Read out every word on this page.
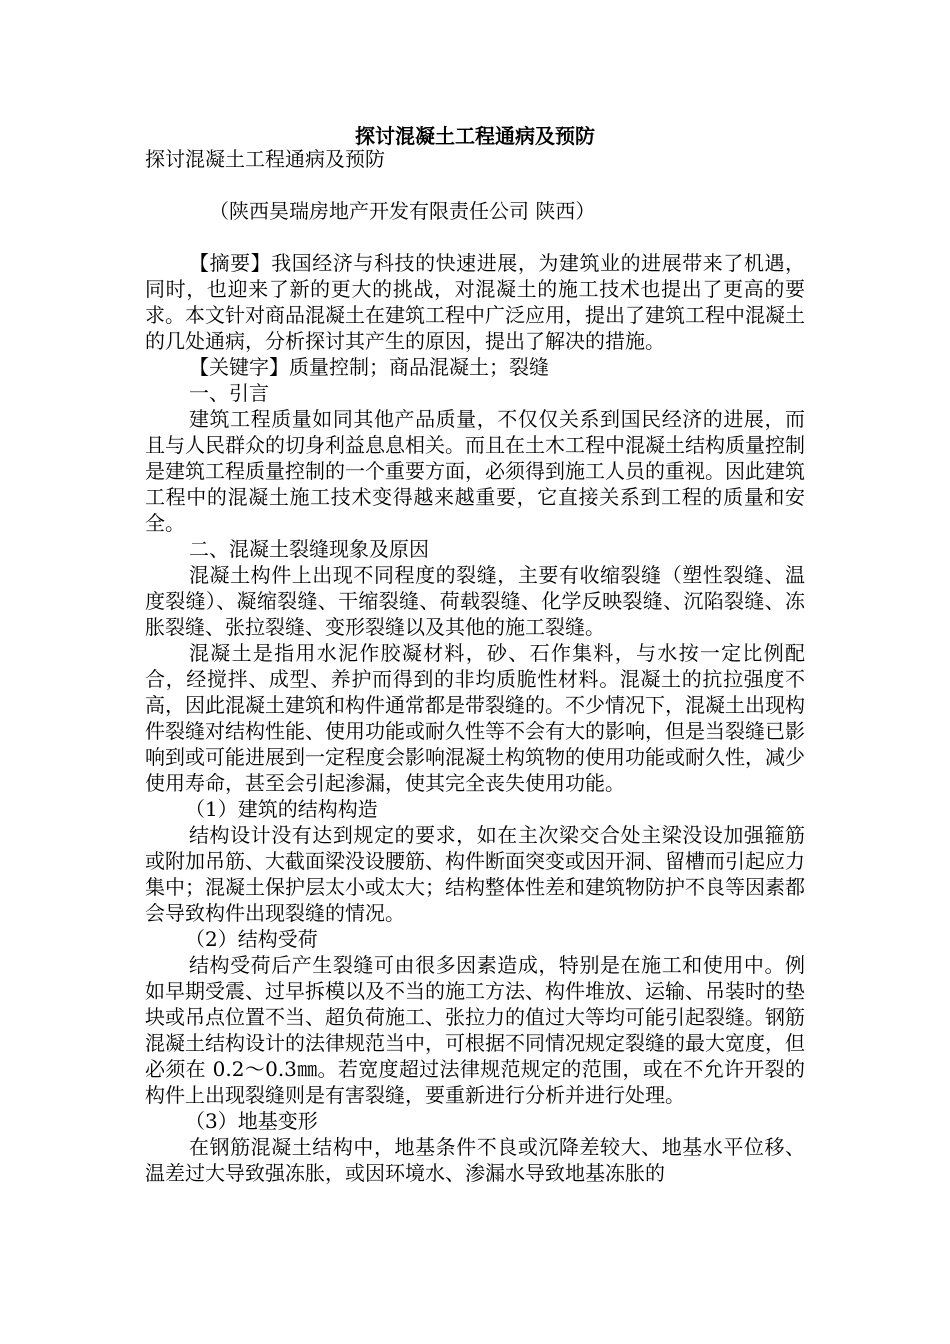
探讨混凝土工程通病及预防

探讨混凝土工程通病及预防

（陕西昊瑞房地产开发有限责任公司 陕西）

【摘要】我国经济与科技的快速进展，为建筑业的进展带来了机遇，同时，也迎来了新的更大的挑战，对混凝土的施工技术也提出了更高的要求。本文针对商品混凝土在建筑工程中广泛应用，提出了建筑工程中混凝土的几处通病，分析探讨其产生的原因，提出了解决的措施。

【关键字】质量控制；商品混凝土；裂缝

一、引言

建筑工程质量如同其他产品质量，不仅仅关系到国民经济的进展，而且与人民群众的切身利益息息相关。而且在土木工程中混凝土结构质量控制是建筑工程质量控制的一个重要方面，必须得到施工人员的重视。因此建筑工程中的混凝土施工技术变得越来越重要，它直接关系到工程的质量和安全。

二、混凝土裂缝现象及原因

混凝土构件上出现不同程度的裂缝，主要有收缩裂缝（塑性裂缝、温度裂缝）、凝缩裂缝、干缩裂缝、荷载裂缝、化学反映裂缝、沉陷裂缝、冻胀裂缝、张拉裂缝、变形裂缝以及其他的施工裂缝。

混凝土是指用水泥作胶凝材料，砂、石作集料，与水按一定比例配合，经搅拌、成型、养护而得到的非均质脆性材料。混凝土的抗拉强度不高，因此混凝土建筑和构件通常都是带裂缝的。不少情况下，混凝土出现构件裂缝对结构性能、使用功能或耐久性等不会有大的影响，但是当裂缝已影响到或可能进展到一定程度会影响混凝土构筑物的使用功能或耐久性，减少使用寿命，甚至会引起渗漏，使其完全丧失使用功能。

（1）建筑的结构构造

结构设计没有达到规定的要求，如在主次梁交合处主梁没设加强箍筋或附加吊筋、大截面梁没设腰筋、构件断面突变或因开洞、留槽而引起应力集中；混凝土保护层太小或太大；结构整体性差和建筑物防护不良等因素都会导致构件出现裂缝的情况。

（2）结构受荷

结构受荷后产生裂缝可由很多因素造成，特别是在施工和使用中。例如早期受震、过早拆模以及不当的施工方法、构件堆放、运输、吊装时的垫块或吊点位置不当、超负荷施工、张拉力的值过大等均可能引起裂缝。钢筋混凝土结构设计的法律规范当中，可根据不同情况规定裂缝的最大宽度，但必须在 0.2～0.3㎜。若宽度超过法律规范规定的范围，或在不允许开裂的构件上出现裂缝则是有害裂缝，要重新进行分析并进行处理。

（3）地基变形

在钢筋混凝土结构中，地基条件不良或沉降差较大、地基水平位移、温差过大导致强冻胀，或因环境水、渗漏水导致地基冻胀的
